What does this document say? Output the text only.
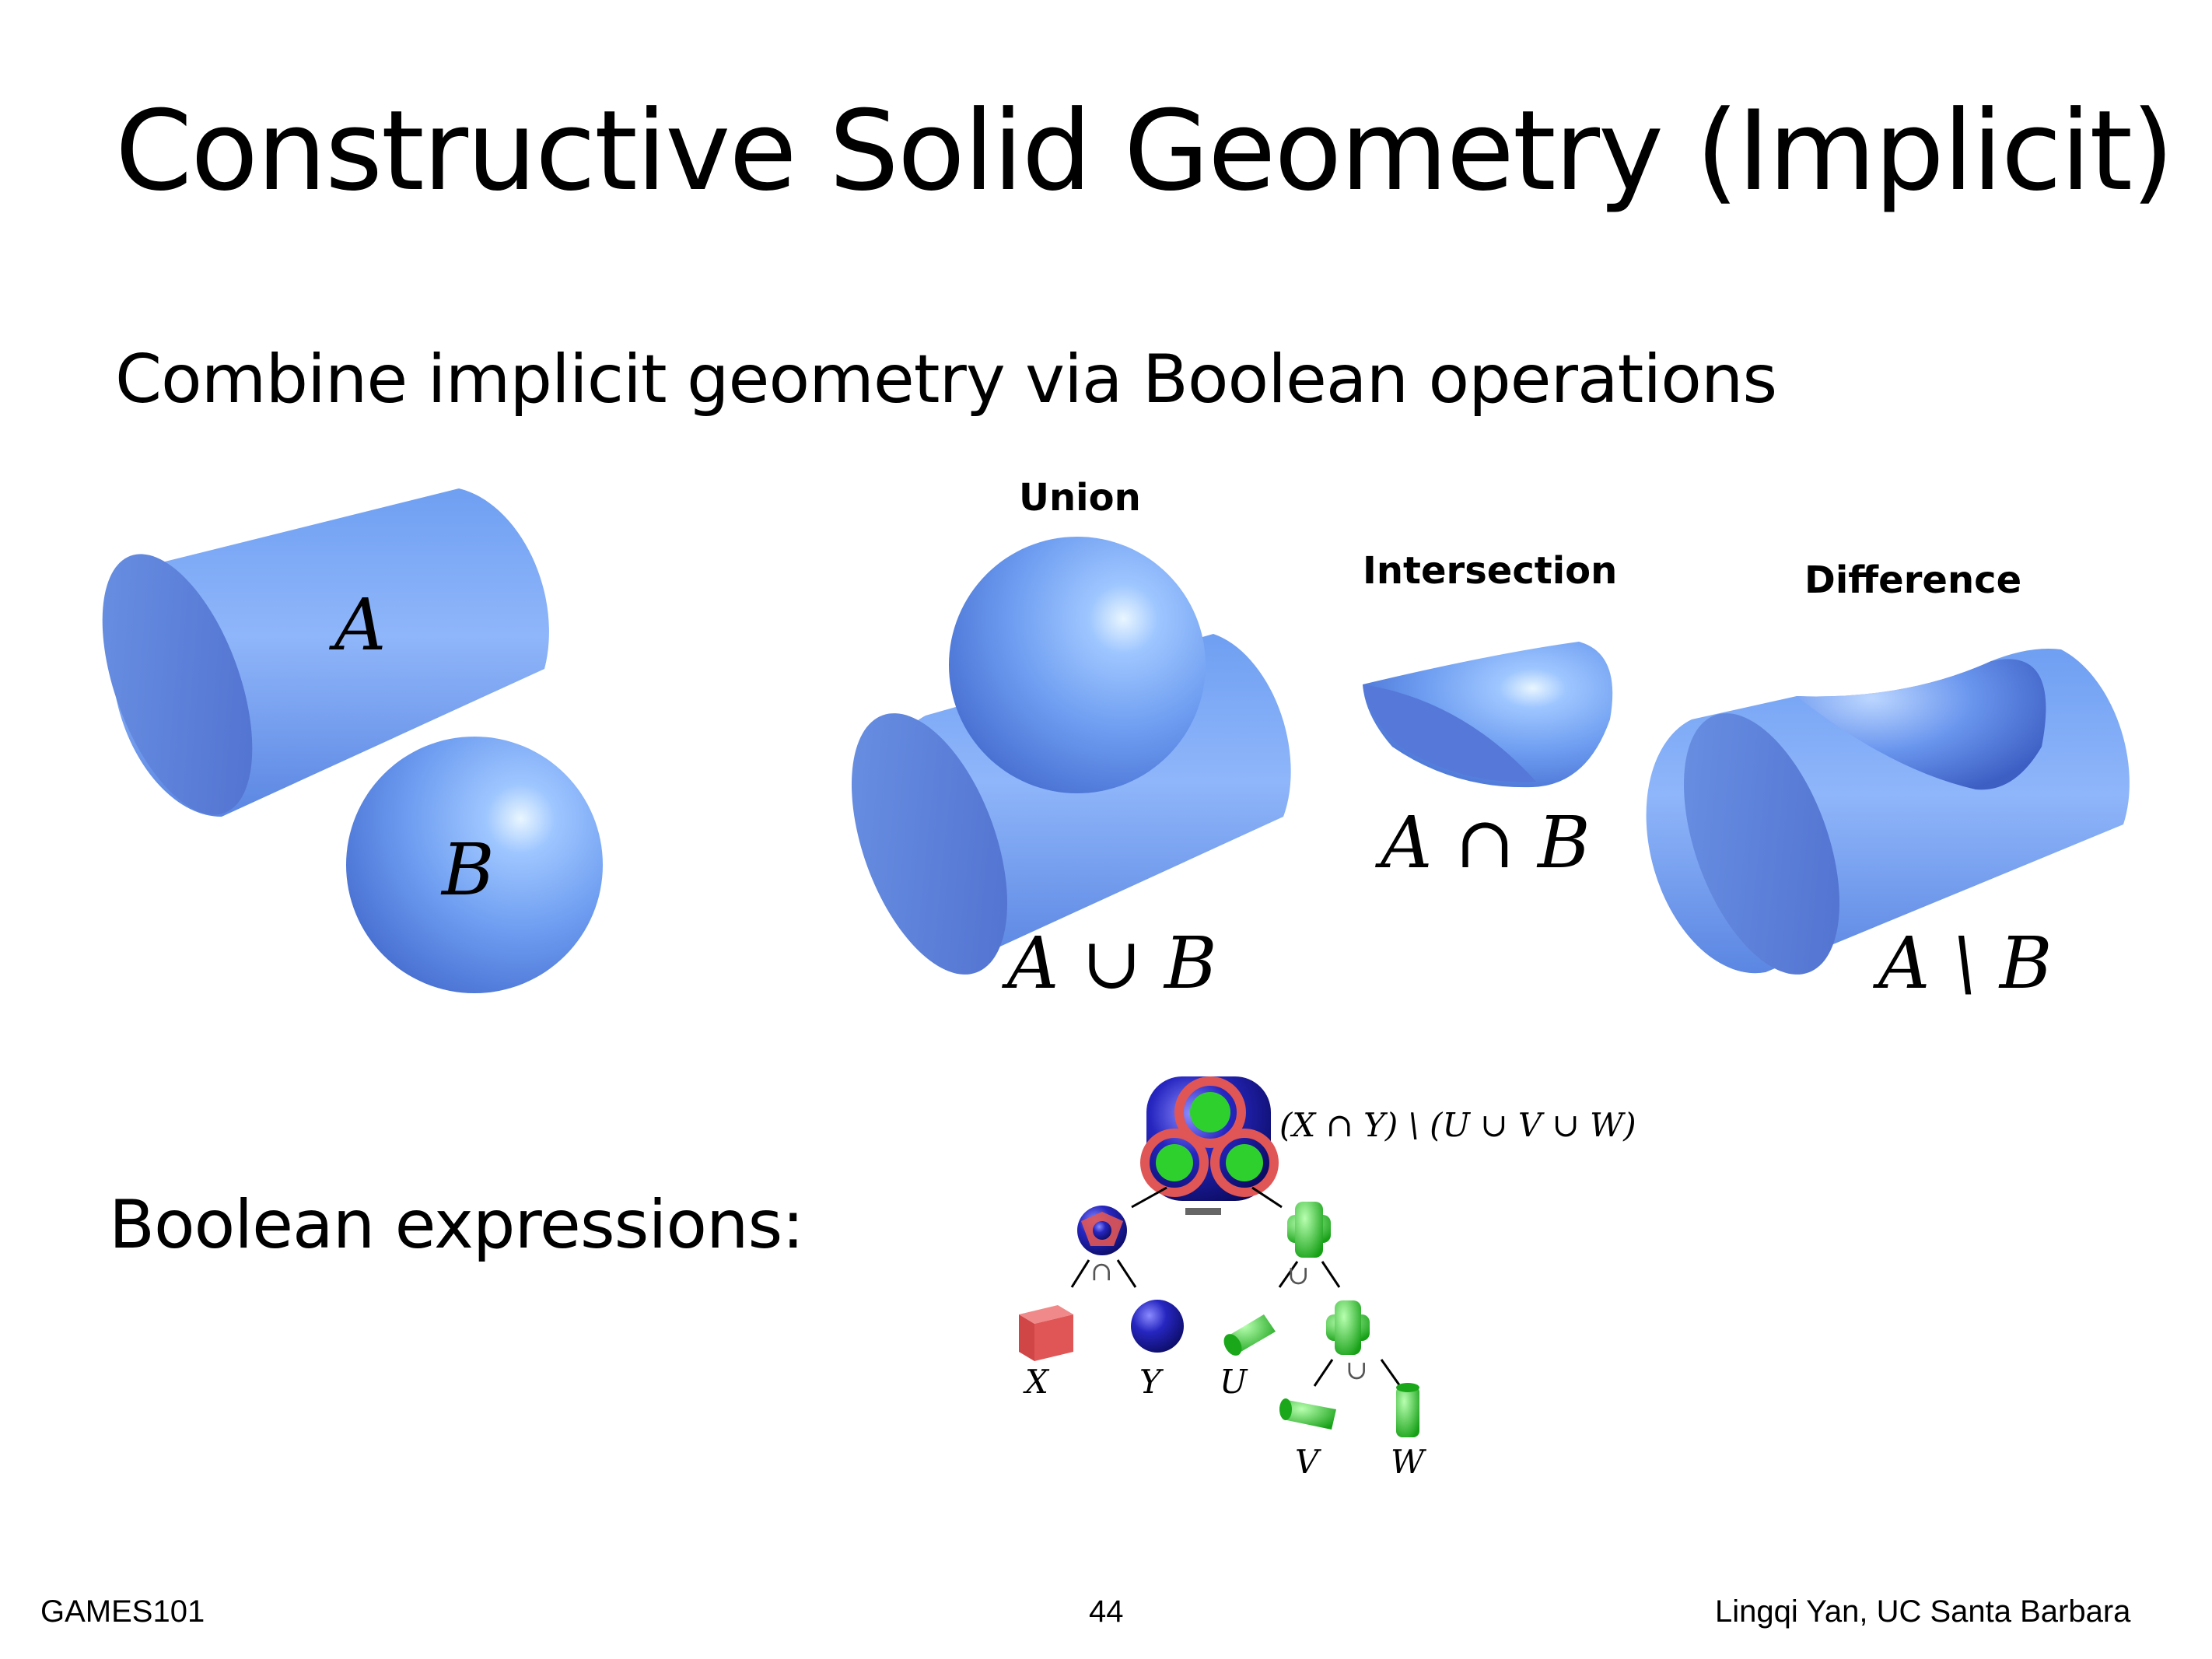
Constructive Solid Geometry (Implicit)
Combine implicit geometry via Boolean operations
Boolean expressions:
Union
Intersection	Difference
A
B
A ∪ B
A ∩ B
A \ B
(X ∩ Y) \ (U ∪ V ∪ W)
∩	∪
∪
X	Y U
V W
GAMES101	44	Lingqi Yan, UC Santa Barbara
